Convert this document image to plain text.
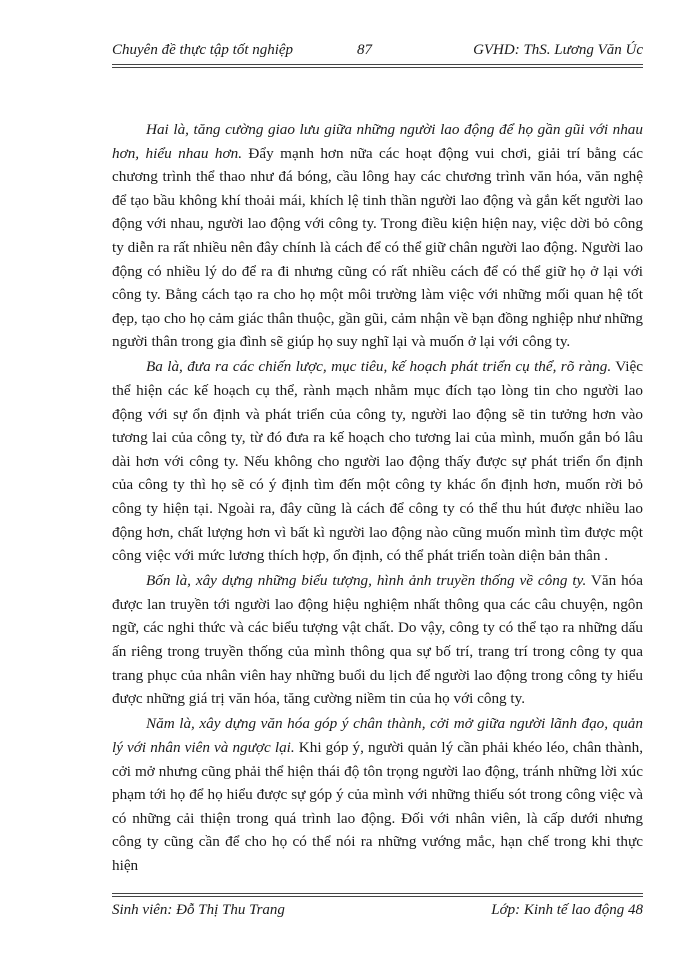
Chuyên đề thực tập tốt nghiệp	87	GVHD: ThS. Lương Văn Úc

Hai là, tăng cường giao lưu giữa những người lao động để họ gần gũi với nhau hơn, hiểu nhau hơn. Đẩy mạnh hơn nữa các hoạt động vui chơi, giải trí bằng các chương trình thể thao như đá bóng, cầu lông hay các chương trình văn hóa, văn nghệ để tạo bầu không khí thoải mái, khích lệ tinh thần người lao động và gắn kết người lao động với nhau, người lao động với công ty. Trong điều kiện hiện nay, việc dời bỏ công ty diễn ra rất nhiều nên đây chính là cách để có thể giữ chân người lao động. Người lao động có nhiều lý do để ra đi nhưng cũng có rất nhiều cách để có thể giữ họ ở lại với công ty. Bằng cách tạo ra cho họ một môi trường làm việc với những mối quan hệ tốt đẹp, tạo cho họ cảm giác thân thuộc, gần gũi, cảm nhận về bạn đồng nghiệp như những người thân trong gia đình sẽ giúp họ suy nghĩ lại và muốn ở lại với công ty.

Ba là, đưa ra các chiến lược, mục tiêu, kế hoạch phát triển cụ thể, rõ ràng. Việc thể hiện các kế hoạch cụ thể, rành mạch nhằm mục đích tạo lòng tin cho người lao động với sự ổn định và phát triển của công ty, người lao động sẽ tin tưởng hơn vào tương lai của công ty, từ đó đưa ra kế hoạch cho tương lai của mình, muốn gắn bó lâu dài hơn với công ty. Nếu không cho người lao động thấy được sự phát triển ổn định của công ty thì họ sẽ có ý định tìm đến một công ty khác ổn định hơn, muốn rời bỏ công ty hiện tại. Ngoài ra, đây cũng là cách để công ty có thể thu hút được nhiều lao động hơn, chất lượng hơn vì bất kì người lao động nào cũng muốn mình tìm được một công việc với mức lương thích hợp, ổn định, có thể phát triển toàn diện bản thân .

Bốn là, xây dựng những biểu tượng, hình ảnh truyền thống về công ty. Văn hóa được lan truyền tới người lao động hiệu nghiệm nhất thông qua các câu chuyện, ngôn ngữ, các nghi thức và các biểu tượng vật chất. Do vậy, công ty có thể tạo ra những dấu ấn riêng trong truyền thống của mình thông qua sự bố trí, trang trí trong công ty qua trang phục của nhân viên hay những buổi du lịch để người lao động trong công ty hiểu được những giá trị văn hóa, tăng cường niềm tin của họ với công ty.

Năm là, xây dựng văn hóa góp ý chân thành, cởi mở giữa người lãnh đạo, quản lý với nhân viên và ngược lại. Khi góp ý, người quản lý cần phải khéo léo, chân thành, cởi mở nhưng cũng phải thể hiện thái độ tôn trọng người lao động, tránh những lời xúc phạm tới họ để họ hiểu được sự góp ý của mình với những thiếu sót trong công việc và có những cải thiện trong quá trình lao động. Đối với nhân viên, là cấp dưới nhưng công ty cũng cần để cho họ có thể nói ra những vướng mắc, hạn chế trong khi thực hiện

Sinh viên: Đỗ Thị Thu Trang	Lớp: Kinh tế lao động 48
